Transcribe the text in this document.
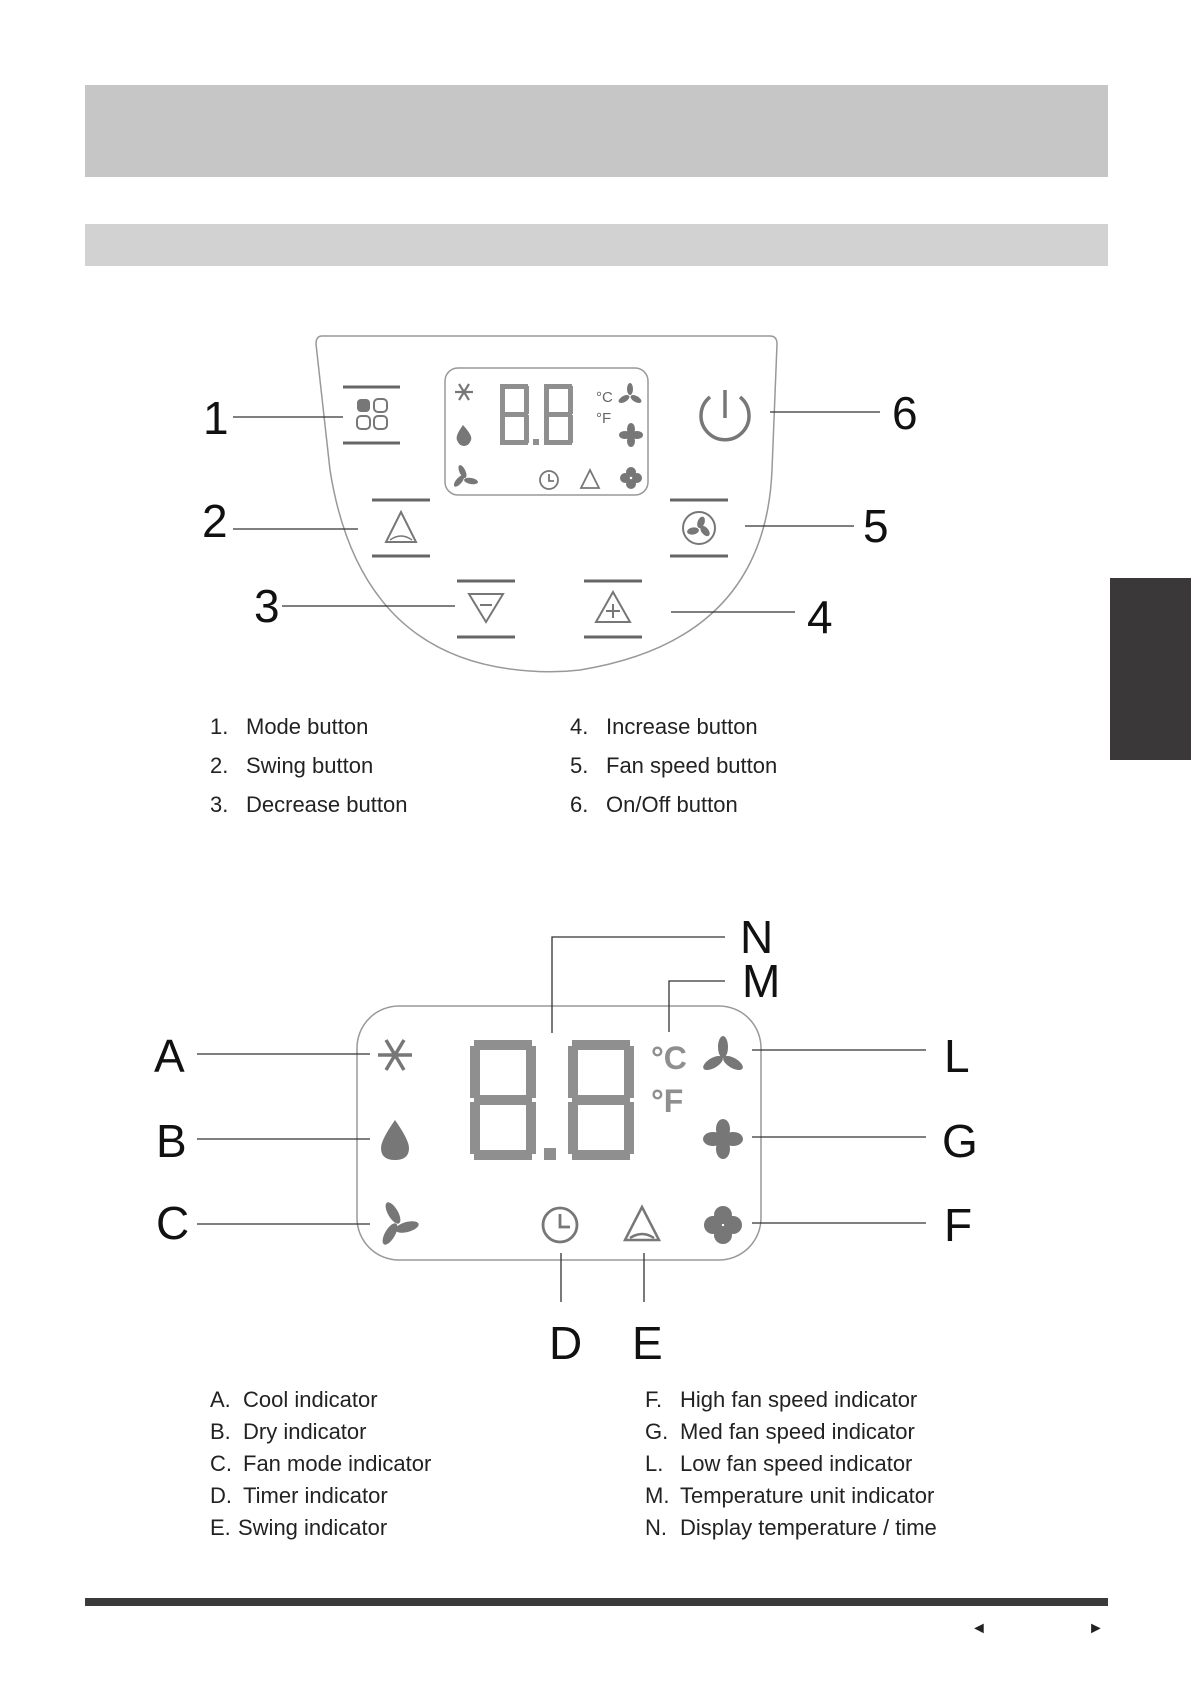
°C
°F
°C
°F
1
2
3	4
5
6
1. Mode button
2. Swing button
3. Decrease button
4. Increase button
5. Fan speed button
6. On/Off button
A
B
C
D E
F
G
L
M
N
A. Cool indicator
B. Dry indicator
C. Fan mode indicator
D. Timer indicator
E. Swing indicator
F. High fan speed indicator
G. Med fan speed indicator
L. Low fan speed indicator
M. Temperature unit indicator
N. Display temperature / time
◄	►
